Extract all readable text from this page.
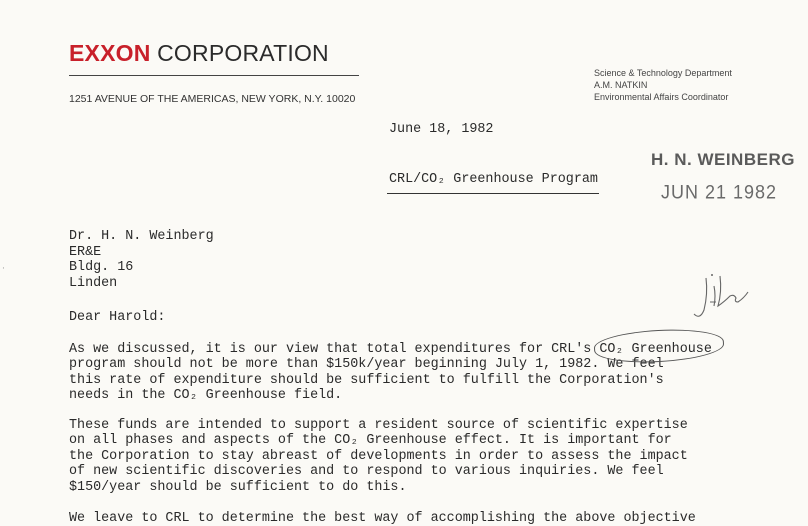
EXXON CORPORATION
1251 AVENUE OF THE AMERICAS, NEW YORK, N.Y. 10020
Science & Technology Department
A.M. NATKIN
Environmental Affairs Coordinator
June 18, 1982
CRL/CO₂ Greenhouse Program
H. N. WEINBERG
JUN 21 1982
Dr. H. N. Weinberg
ER&E
Bldg. 16
Linden
Dear Harold:
As we discussed, it is our view that total expenditures for CRL's CO₂ Greenhouse
program should not be more than $150k/year beginning July 1, 1982. We feel
this rate of expenditure should be sufficient to fulfill the Corporation's
needs in the CO₂ Greenhouse field.
These funds are intended to support a resident source of scientific expertise
on all phases and aspects of the CO₂ Greenhouse effect. It is important for
the Corporation to stay abreast of developments in order to assess the impact
of new scientific discoveries and to respond to various inquiries. We feel
$150/year should be sufficient to do this.
We leave to CRL to determine the best way of accomplishing the above objective
·
